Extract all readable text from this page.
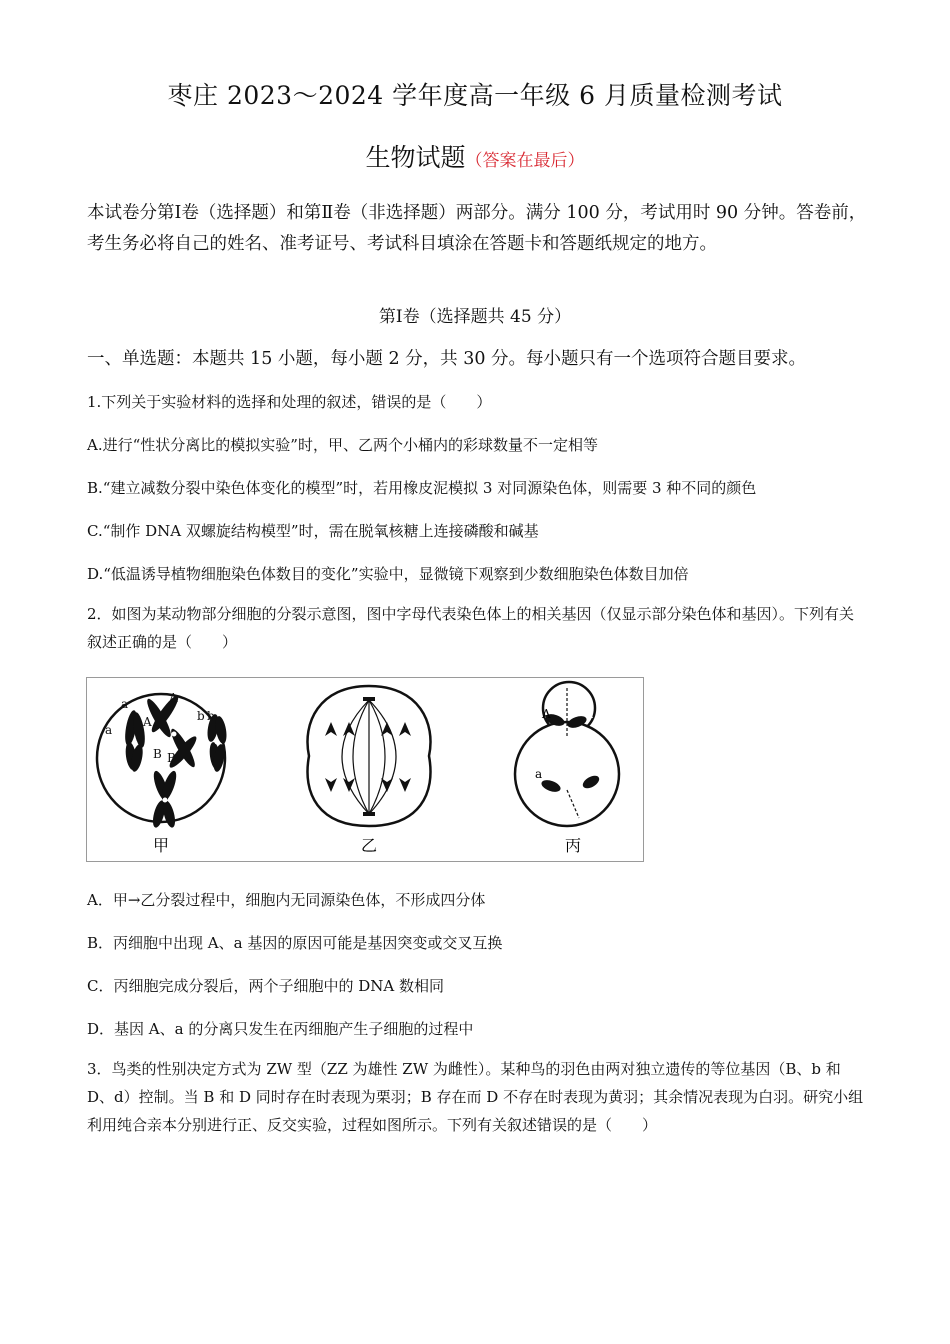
枣庄 2023～2024 学年度高一年级 6 月质量检测考试
生物试题（答案在最后）
本试卷分第Ⅰ卷（选择题）和第Ⅱ卷（非选择题）两部分。满分 100 分，考试用时 90 分钟。答卷前，考生务必将自己的姓名、准考证号、考试科目填涂在答题卡和答题纸规定的地方。
第Ⅰ卷（选择题共 45 分）
一、单选题：本题共 15 小题，每小题 2 分，共 30 分。每小题只有一个选项符合题目要求。
1.下列关于实验材料的选择和处理的叙述，错误的是（　　）
A.进行“性状分离比的模拟实验”时，甲、乙两个小桶内的彩球数量不一定相等
B.“建立减数分裂中染色体变化的模型”时，若用橡皮泥模拟 3 对同源染色体，则需要 3 种不同的颜色
C.“制作 DNA 双螺旋结构模型”时，需在脱氧核糖上连接磷酸和碱基
D.“低温诱导植物细胞染色体数目的变化”实验中，显微镜下观察到少数细胞染色体数目加倍
2．如图为某动物部分细胞的分裂示意图，图中字母代表染色体上的相关基因（仅显示部分染色体和基因）。下列有关叙述正确的是（　　）
a
a
A
A
B B
b b
甲	乙
A
a
丙
A．甲→乙分裂过程中，细胞内无同源染色体，不形成四分体
B．丙细胞中出现 A、a 基因的原因可能是基因突变或交叉互换
C．丙细胞完成分裂后，两个子细胞中的 DNA 数相同
D．基因 A、a 的分离只发生在丙细胞产生子细胞的过程中
3．鸟类的性别决定方式为 ZW 型（ZZ 为雄性 ZW 为雌性）。某种鸟的羽色由两对独立遗传的等位基因（B、b 和 D、d）控制。当 B 和 D 同时存在时表现为栗羽；B 存在而 D 不存在时表现为黄羽；其余情况表现为白羽。研究小组利用纯合亲本分别进行正、反交实验，过程如图所示。下列有关叙述错误的是（　　）
